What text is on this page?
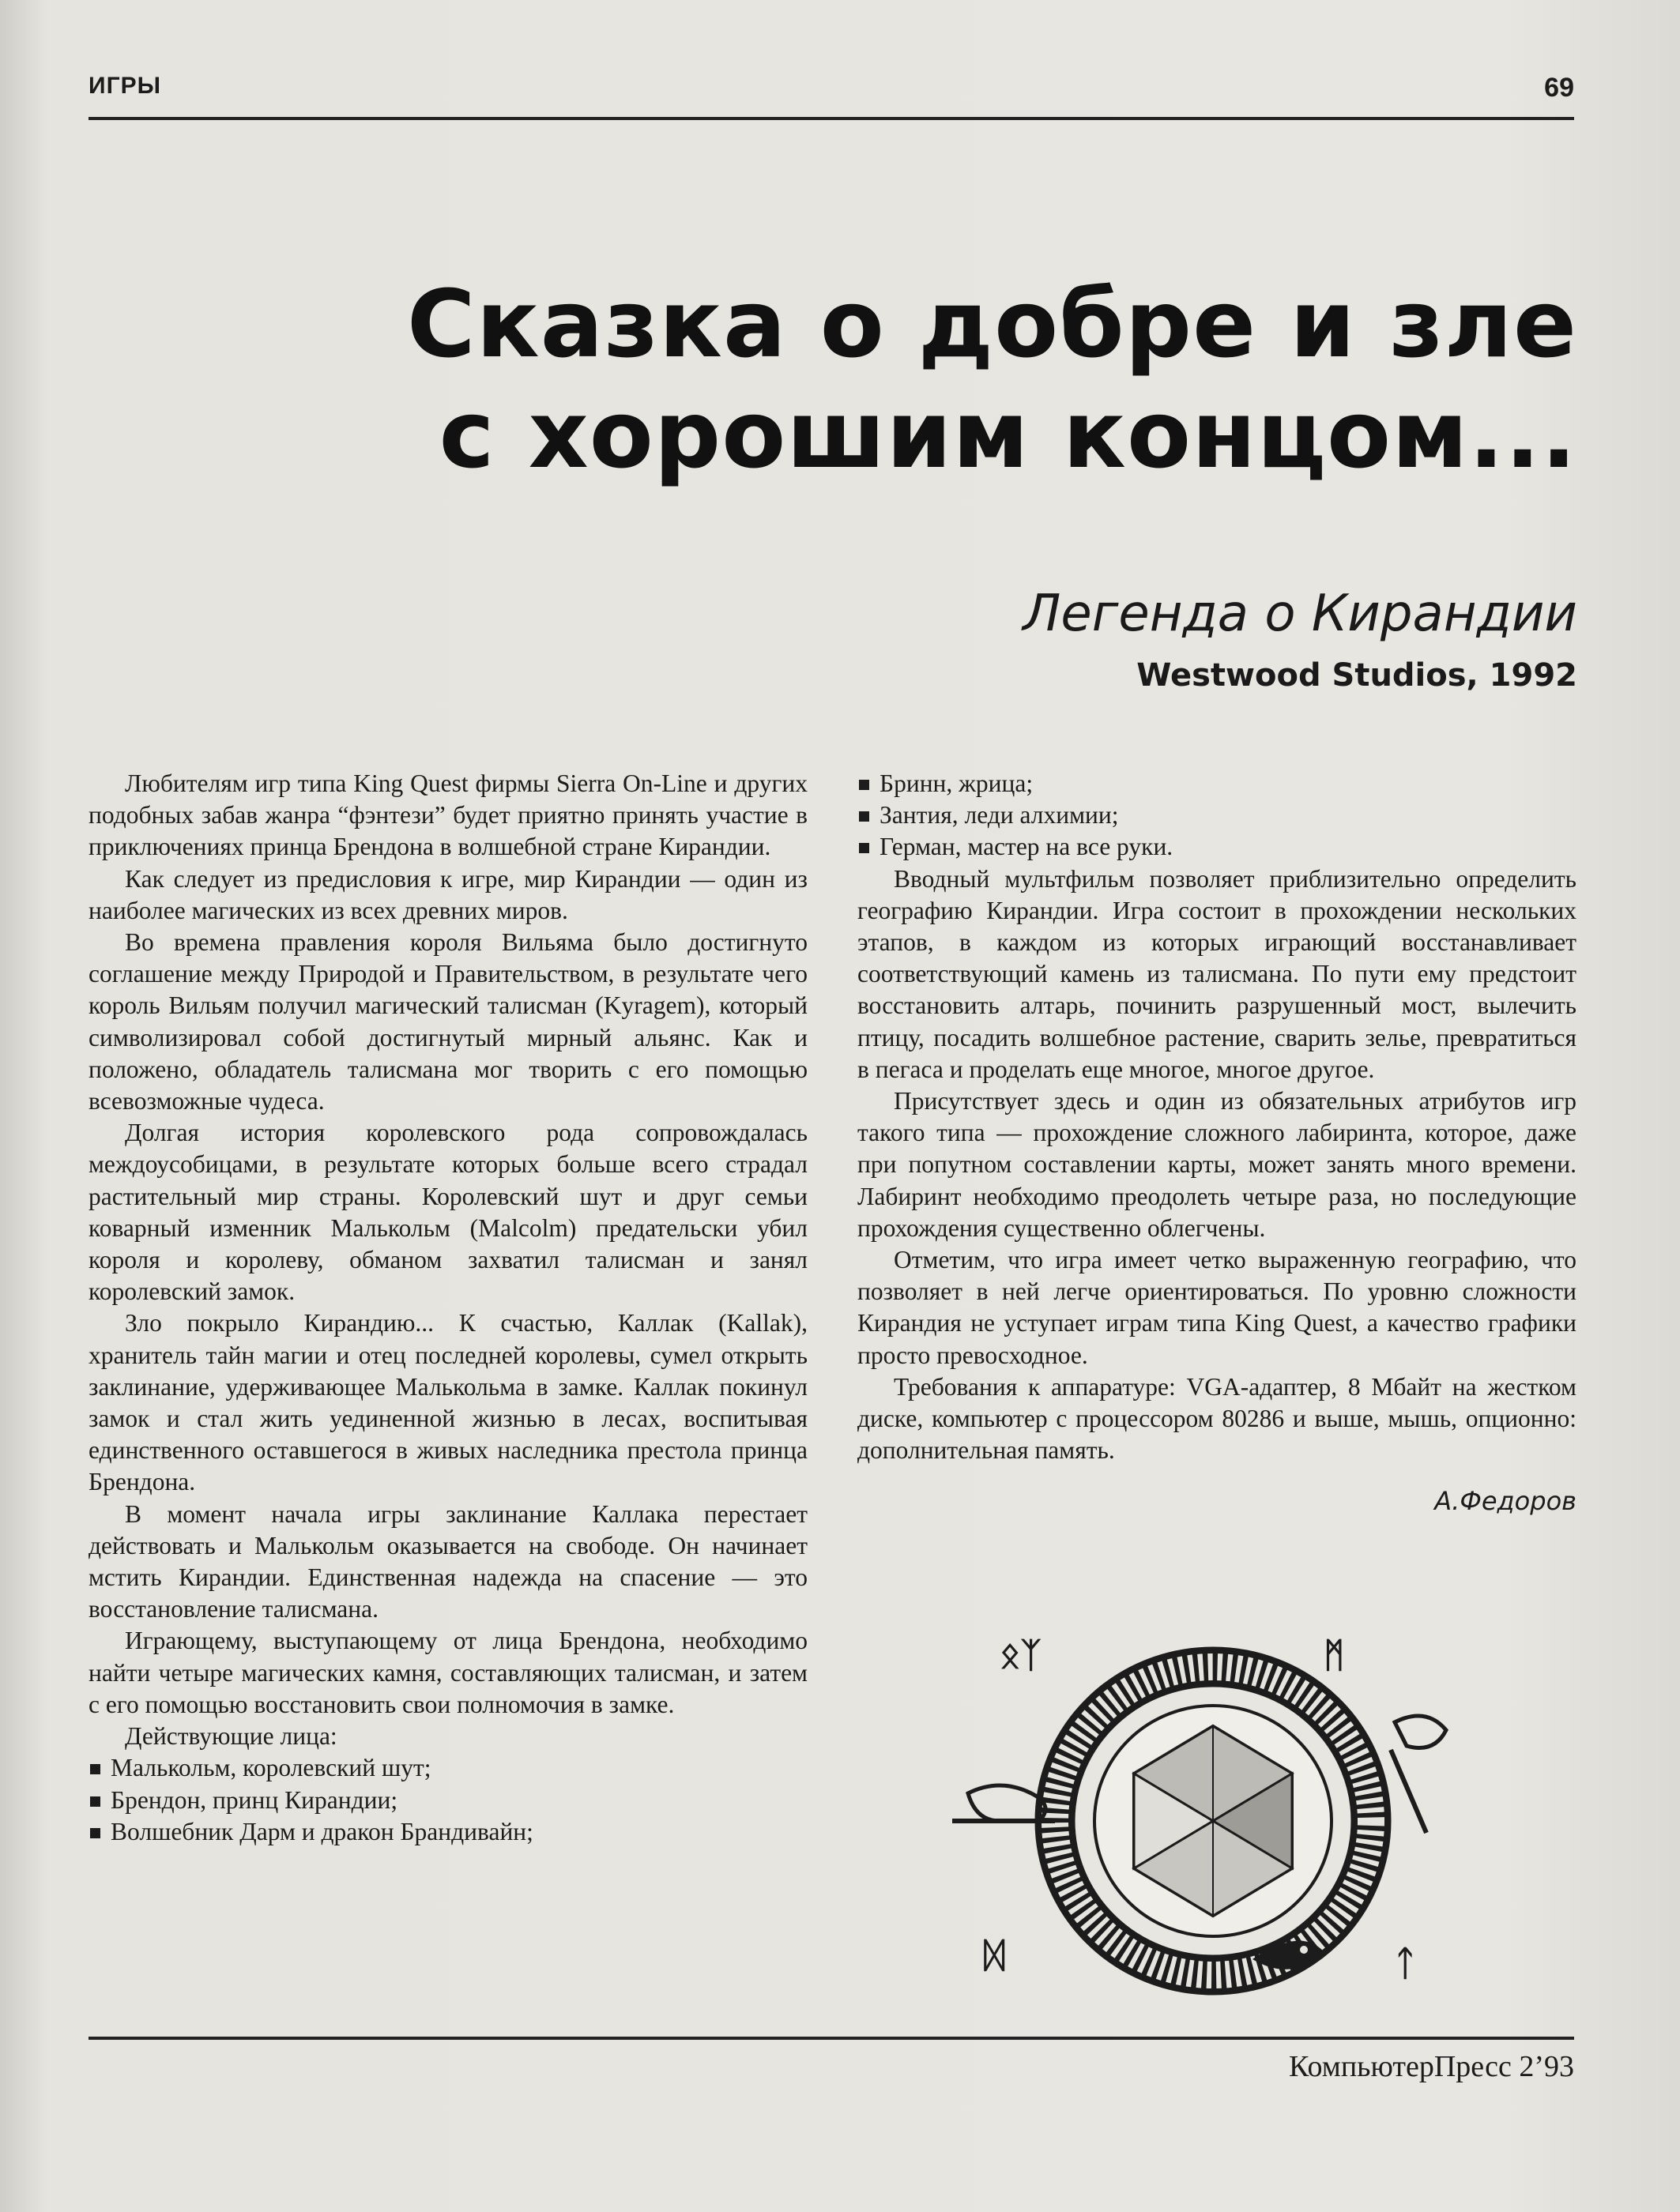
ИГРЫ	69
Сказка о добре и зле
с хорошим концом...
Легенда о Кирандии
Westwood Studios, 1992

Любителям игр типа King Quest фирмы Sierra On-Line и других подобных забав жанра “фэнтези” будет приятно принять участие в приключениях принца Брендона в волшебной стране Кирандии.

Как следует из предисловия к игре, мир Кирандии — один из наиболее магических из всех древних миров.

Во времена правления короля Вильяма было достигнуто соглашение между Природой и Правительством, в результате чего король Вильям получил магический талисман (Kyragem), который символизировал собой достигнутый мирный альянс. Как и положено, обладатель талисмана мог творить с его помощью всевозможные чудеса.

Долгая история королевского рода сопровождалась междоусобицами, в результате которых больше всего страдал растительный мир страны. Королевский шут и друг семьи коварный изменник Малькольм (Malcolm) предательски убил короля и королеву, обманом захватил талисман и занял королевский замок.

Зло покрыло Кирандию... К счастью, Каллак (Kallak), хранитель тайн магии и отец последней королевы, сумел открыть заклинание, удерживающее Малькольма в замке. Каллак покинул замок и стал жить уединенной жизнью в лесах, воспитывая единственного оставшегося в живых наследника престола принца Брендона.

В момент начала игры заклинание Каллака перестает действовать и Малькольм оказывается на свободе. Он начинает мстить Кирандии. Единственная надежда на спасение — это восстановление талисмана.

Играющему, выступающему от лица Брендона, необходимо найти четыре магических камня, составляющих талисман, и затем с его помощью восстановить свои полномочия в замке.

Действующие лица:

Малькольм, королевский шут;
Брендон, принц Кирандии;
Волшебник Дарм и дракон Брандивайн;
Бринн, жрица;
Зантия, леди алхимии;
Герман, мастер на все руки.

Вводный мультфильм позволяет приблизительно определить географию Кирандии. Игра состоит в прохождении нескольких этапов, в каждом из которых играющий восстанавливает соответствующий камень из талисмана. По пути ему предстоит восстановить алтарь, починить разрушенный мост, вылечить птицу, посадить волшебное растение, сварить зелье, превратиться в пегаса и проделать еще многое, многое другое.

Присутствует здесь и один из обязательных атрибутов игр такого типа — прохождение сложного лабиринта, которое, даже при попутном составлении карты, может занять много времени. Лабиринт необходимо преодолеть четыре раза, но последующие прохождения существенно облегчены.

Отметим, что игра имеет четко выраженную географию, что позволяет в ней легче ориентироваться. По уровню сложности Кирандия не уступает играм типа King Quest, а качество графики просто превосходное.

Требования к аппаратуре: VGA-адаптер, 8 Мбайт на жестком диске, компьютер с процессором 80286 и выше, мышь, опционно: дополнительная память.

А.Федоров
ᛟᛉ	ᛗ
ᛞ	ᛏ
КомпьютерПресс 2’93
